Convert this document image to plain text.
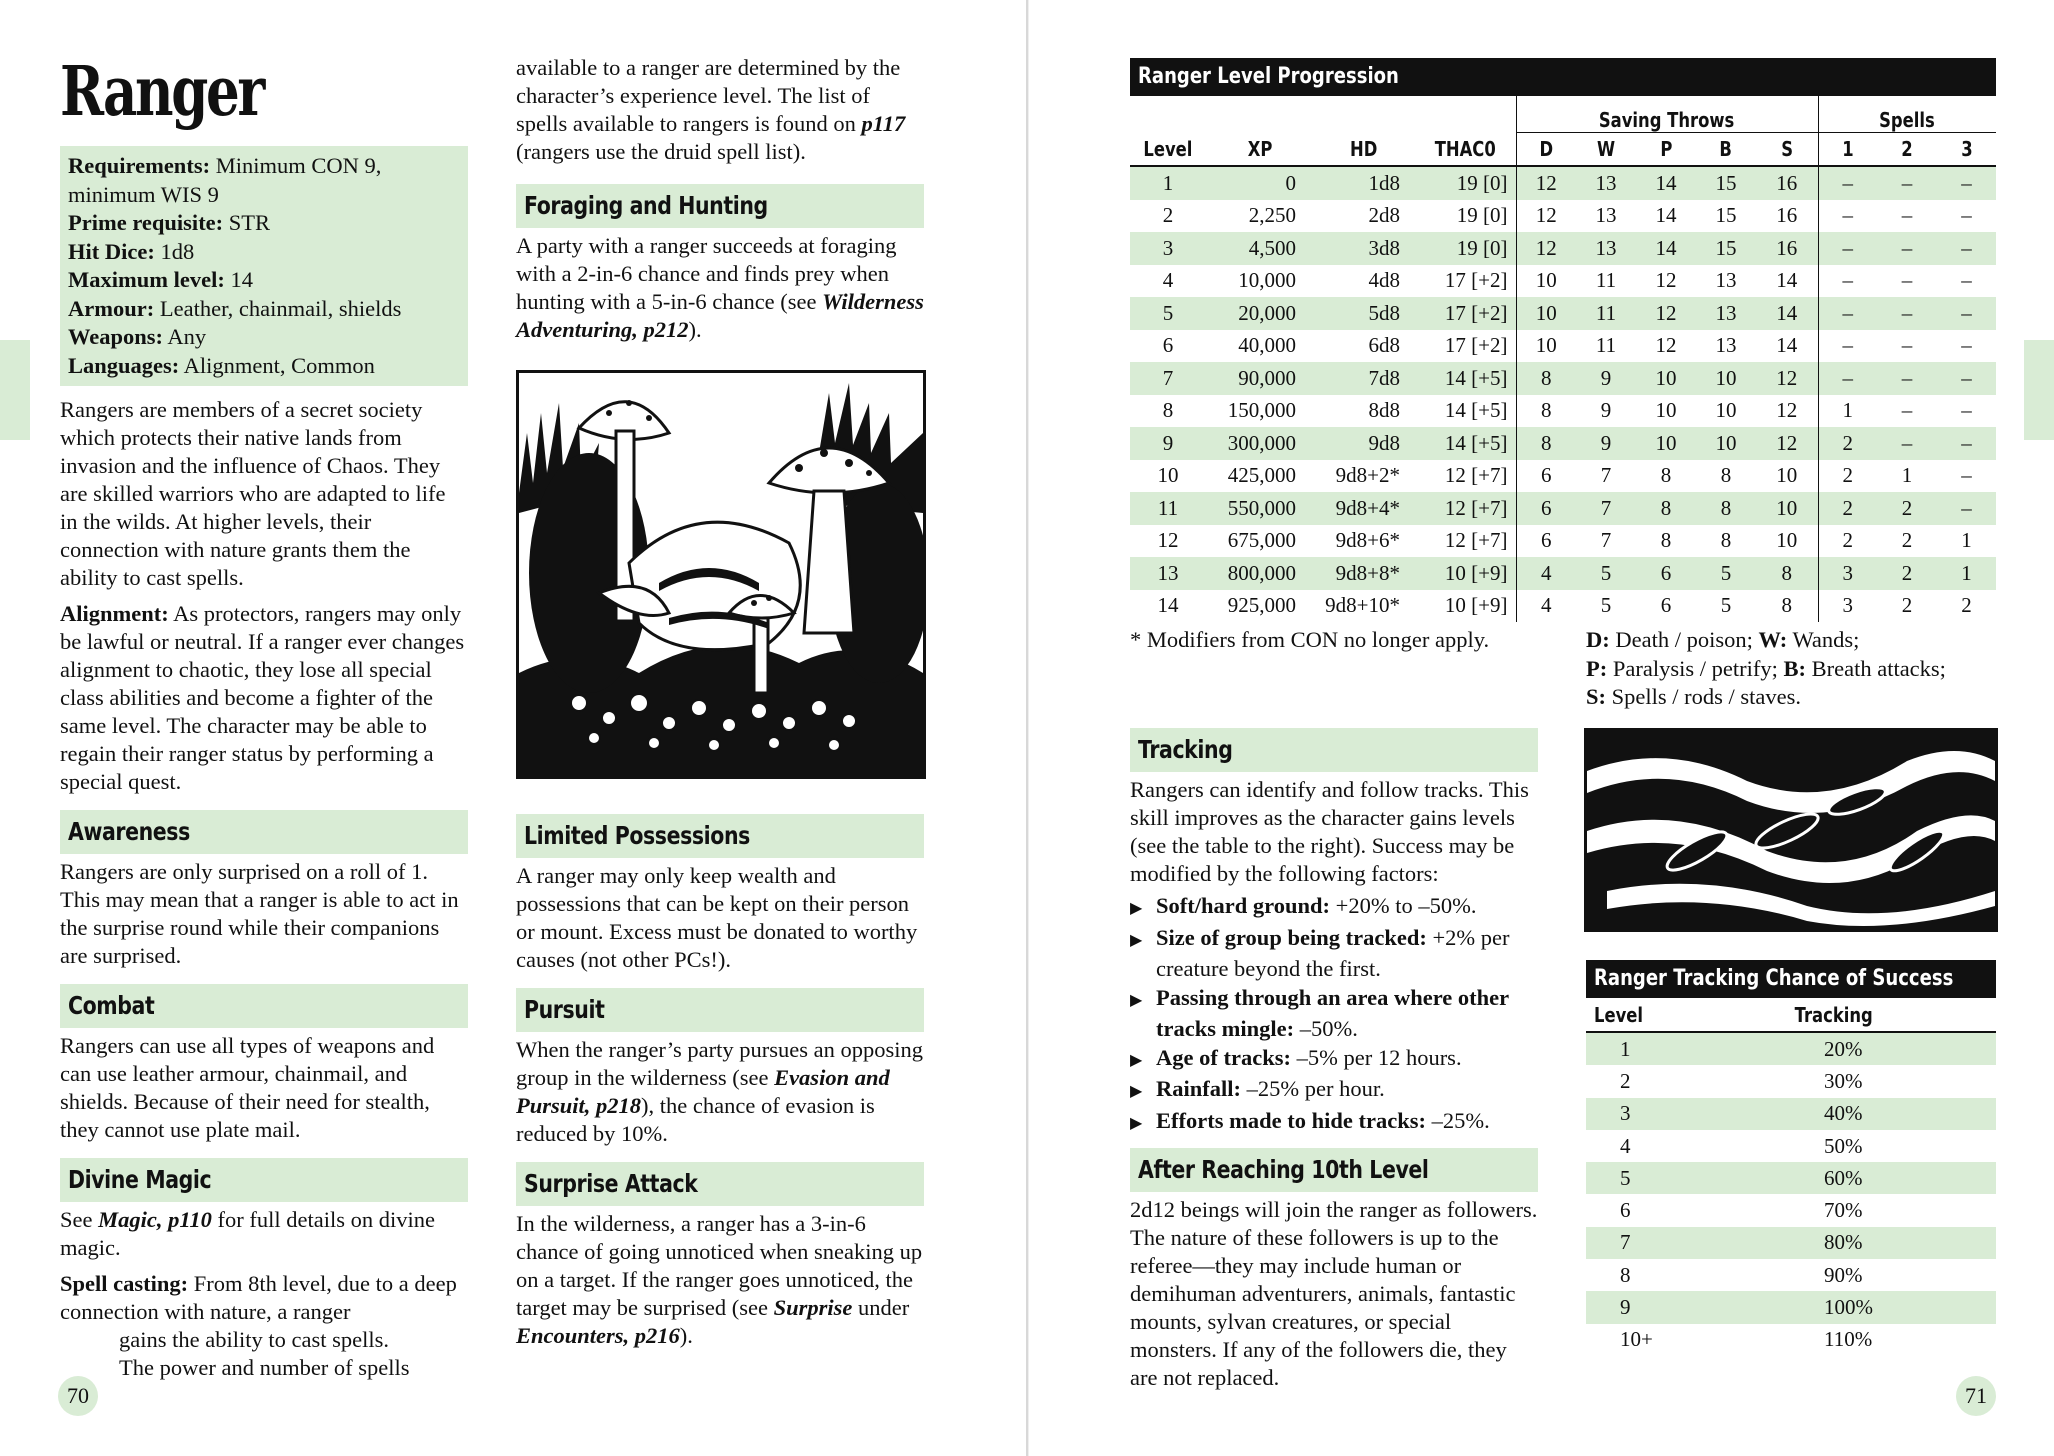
Ranger
Requirements: Minimum CON 9, minimum WIS 9
Prime requisite: STR
Hit Dice: 1d8
Maximum level: 14
Armour: Leather, chainmail, shields
Weapons: Any
Languages: Alignment, Common

Rangers are members of a secret society which protects their native lands from invasion and the influence of Chaos. They are skilled warriors who are adapted to life in the wilds. At higher levels, their connection with nature grants them the ability to cast spells.

Alignment: As protectors, rangers may only be lawful or neutral. If a ranger ever changes alignment to chaotic, they lose all special class abilities and become a fighter of the same level. The character may be able to regain their ranger status by performing a special quest.

Awareness

Rangers are only surprised on a roll of 1. This may mean that a ranger is able to act in the surprise round while their companions are surprised.

Combat

Rangers can use all types of weapons and can use leather armour, chainmail, and shields. Because of their need for stealth, they cannot use plate mail.

Divine Magic

See Magic, p110 for full details on divine magic.

Spell casting: From 8th level, due to a deep connection with nature, a ranger
gains the ability to cast spells.
The power and number of spells

70

available to a ranger are determined by the character’s experience level. The list of spells available to rangers is found on p117 (rangers use the druid spell list).

Foraging and Hunting

A party with a ranger succeeds at foraging with a 2-in-6 chance and finds prey when hunting with a 5-in-6 chance (see Wilderness Adventuring, p212).

Limited Possessions

A ranger may only keep wealth and possessions that can be kept on their person or mount. Excess must be donated to worthy causes (not other PCs!).

Pursuit

When the ranger’s party pursues an opposing group in the wilderness (see Evasion and Pursuit, p218), the chance of evasion is reduced by 10%.

Surprise Attack

In the wilderness, a ranger has a 3-in-6 chance of going unnoticed when sneaking up on a target. If the ranger goes unnoticed, the target may be surprised (see Surprise under Encounters, p216).

Ranger Level Progression
				Saving Throws					Spells		
Level	XP	HD	THAC0	D	W	P	B	S	1	2	3
1	0	1d8	19 [0]	12	13	14	15	16	–	–	–
2	2,250	2d8	19 [0]	12	13	14	15	16	–	–	–
3	4,500	3d8	19 [0]	12	13	14	15	16	–	–	–
4	10,000	4d8	17 [+2]	10	11	12	13	14	–	–	–
5	20,000	5d8	17 [+2]	10	11	12	13	14	–	–	–
6	40,000	6d8	17 [+2]	10	11	12	13	14	–	–	–
7	90,000	7d8	14 [+5]	8	9	10	10	12	–	–	–
8	150,000	8d8	14 [+5]	8	9	10	10	12	1	–	–
9	300,000	9d8	14 [+5]	8	9	10	10	12	2	–	–
10	425,000	9d8+2*	12 [+7]	6	7	8	8	10	2	1	–
11	550,000	9d8+4*	12 [+7]	6	7	8	8	10	2	2	–
12	675,000	9d8+6*	12 [+7]	6	7	8	8	10	2	2	1
13	800,000	9d8+8*	10 [+9]	4	5	6	5	8	3	2	1
14	925,000	9d8+10*	10 [+9]	4	5	6	5	8	3	2	2

* Modifiers from CON no longer apply.	D: Death / poison; W: Wands;
P: Paralysis / petrify; B: Breath attacks;
S: Spells / rods / staves.

Tracking

Rangers can identify and follow tracks. This skill improves as the character gains levels (see the table to the right). Success may be modified by the following factors:

▶ Soft/hard ground: +20% to –50%.

▶ Size of group being tracked: +2% per creature beyond the first.

▶ Passing through an area where other tracks mingle: –50%.

▶ Age of tracks: –5% per 12 hours.

▶ Rainfall: –25% per hour.

▶ Efforts made to hide tracks: –25%.

After Reaching 10th Level

2d12 beings will join the ranger as followers. The nature of these followers is up to the referee—they may include human or demihuman adventurers, animals, fantastic mounts, sylvan creatures, or special monsters. If any of the followers die, they are not replaced.

Ranger Tracking Chance of Success
Level	Tracking
1	20%
2	30%
3	40%
4	50%
5	60%
6	70%
7	80%
8	90%
9	100%
10+	110%
71
